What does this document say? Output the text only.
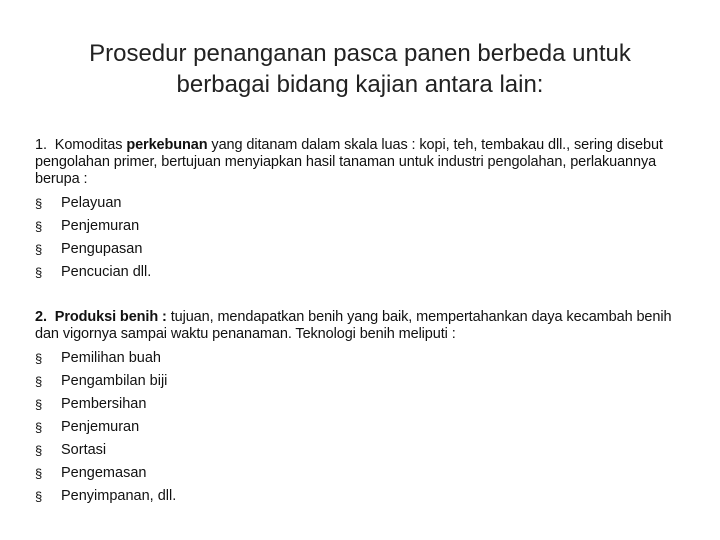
Prosedur penanganan pasca panen berbeda untuk
berbagai bidang kajian antara lain:
1. Komoditas perkebunan yang ditanam dalam skala luas : kopi, teh, tembakau dll., sering disebut pengolahan primer, bertujuan menyiapkan hasil tanaman untuk industri pengolahan, perlakuannya berupa :
§	Pelayuan
§	Penjemuran
§	Pengupasan
§	Pencucian dll.
2. Produksi benih : tujuan, mendapatkan benih yang baik, mempertahankan daya kecambah benih dan vigornya sampai waktu penanaman. Teknologi benih meliputi :
§	Pemilihan buah
§	Pengambilan biji
§	Pembersihan
§	Penjemuran
§	Sortasi
§	Pengemasan
§	Penyimpanan, dll.
